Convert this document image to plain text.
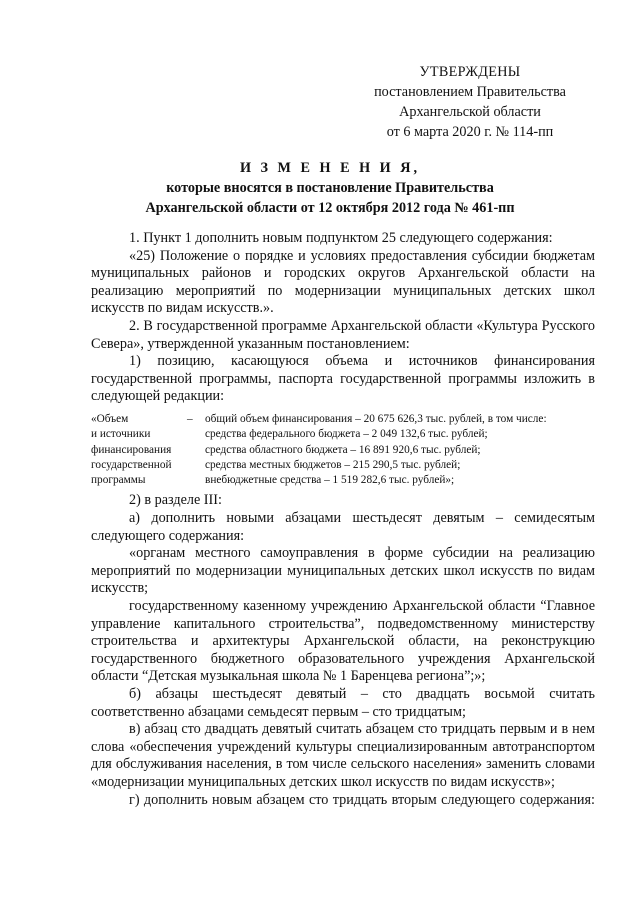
УТВЕРЖДЕНЫ
постановлением Правительства
Архангельской области
от 6 марта 2020 г. № 114-пп
И З М Е Н Е Н И Я,
которые вносятся в постановление Правительства
Архангельской области от 12 октября 2012 года № 461-пп

1. Пункт 1 дополнить новым подпунктом 25 следующего содержания:

«25) Положение о порядке и условиях предоставления субсидии бюджетам муниципальных районов и городских округов Архангельской области на реализацию мероприятий по модернизации муниципальных детских школ искусств по видам искусств.».

2. В государственной программе Архангельской области «Культура Русского Севера», утвержденной указанным постановлением:

1) позицию, касающуюся объема и источников финансирования государственной программы, паспорта государственной программы изложить в следующей редакции:

«Объем
и источники
финансирования
государственной
программы
–	общий объем финансирования – 20 675 626,3 тыс. рублей, в том числе:
средства федерального бюджета – 2 049 132,6 тыс. рублей;
средства областного бюджета – 16 891 920,6 тыс. рублей;
средства местных бюджетов – 215 290,5 тыс. рублей;
внебюджетные средства – 1 519 282,6 тыс. рублей»;

2) в разделе III:

а) дополнить новыми абзацами шестьдесят девятым – семидесятым следующего содержания:

«органам местного самоуправления в форме субсидии на реализацию мероприятий по модернизации муниципальных детских школ искусств по видам искусств;

государственному казенному учреждению Архангельской области “Главное управление капитального строительства”, подведомственному министерству строительства и архитектуры Архангельской области, на реконструкцию государственного бюджетного образовательного учреждения Архангельской области “Детская музыкальная школа № 1 Баренцева региона”;»;

б) абзацы шестьдесят девятый – сто двадцать восьмой считать соответственно абзацами семьдесят первым – сто тридцатым;

в) абзац сто двадцать девятый считать абзацем сто тридцать первым и в нем слова «обеспечения учреждений культуры специализированным автотранспортом для обслуживания населения, в том числе сельского населения» заменить словами «модернизации муниципальных детских школ искусств по видам искусств»;

г) дополнить новым абзацем сто тридцать вторым следующего содержания:
